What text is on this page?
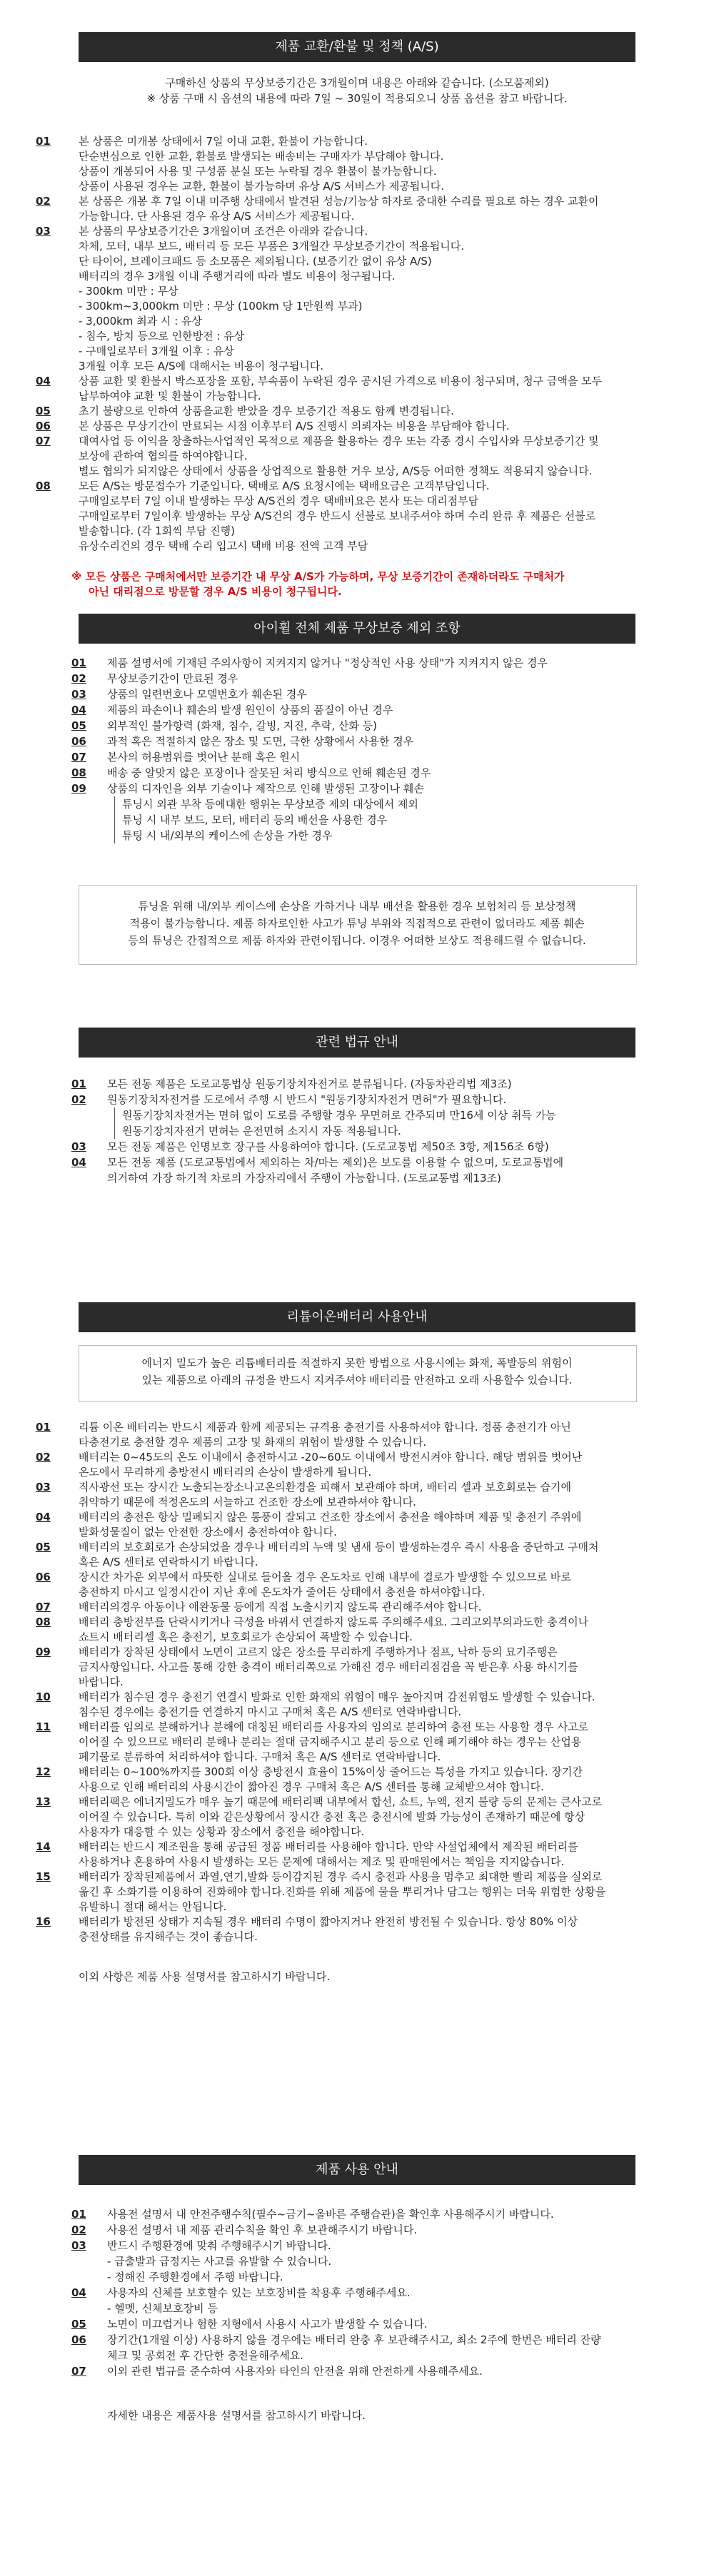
제품 교환/환불 및 정책 (A/S)
구매하신 상품의 무상보증기간은 3개월이며 내용은 아래와 같습니다. (소모품제외)
※ 상품 구매 시 옵션의 내용에 따라 7일 ~ 30일이 적용되오니 상품 옵션을 참고 바랍니다.
01	본 상품은 미개봉 상태에서 7일 이내 교환, 환불이 가능합니다.
단순변심으로 인한 교환, 환불로 발생되는 배송비는 구매자가 부담해야 합니다.
상품이 개봉되어 사용 및 구성품 분실 또는 누락될 경우 환불이 불가능합니다.
상품이 사용된 경우는 교환, 환불이 불가능하며 유상 A/S 서비스가 제공됩니다.
02	본 상품은 개봉 후 7일 이내 미주행 상태에서 발견된 성능/기능상 하자로 중대한 수리를 필요로 하는 경우 교환이
가능합니다. 단 사용된 경우 유상 A/S 서비스가 제공됩니다.
03	본 상품의 무상보증기간은 3개월이며 조건은 아래와 같습니다.
차체, 모터, 내부 보드, 배터리 등 모든 부품은 3개월간 무상보증기간이 적용됩니다.
단 타이어, 브레이크패드 등 소모품은 제외됩니다. (보증기간 없이 유상 A/S)
배터리의 경우 3개월 이내 주행거리에 따라 별도 비용이 청구됩니다.
- 300km 미만 : 무상
- 300km~3,000km 미만 : 무상 (100km 당 1만원씩 부과)
- 3,000km 최과 시 : 유상
- 침수, 방치 등으로 인한방전 : 유상
- 구매일로부터 3개월 이후 : 유상
3개월 이후 모든 A/S에 대해서는 비용이 청구됩니다.
04	상품 교환 및 환불시 박스포장을 포함, 부속품이 누락된 경우 공시된 가격으로 비용이 청구되며, 청구 금액을 모두
납부하여야 교환 및 환불이 가능합니다.
05	초기 불량으로 인하여 상품을교환 받았을 경우 보증기간 적용도 함께 변경됩니다.
06	본 상품은 무상기간이 만료되는 시점 이후부터 A/S 진행시 의뢰자는 비용을 부담해야 합니다.
07	대여사업 등 이익을 창출하는사업적인 목적으로 제품을 활용하는 경우 또는 각종 경시 수입사와 무상보증기간 및
보상에 관하여 협의를 하여야합니다.
별도 협의가 되지않은 상태에서 상품을 상업적으로 활용한 거우 보상, A/S등 어떠한 정책도 적용되지 않습니다.
08	모든 A/S는 방문접수가 기준입니다. 택배로 A/S 요청시에는 택배요금은 고객부담입니다.
구매일로부터 7일 이내 발생하는 무상 A/S건의 경우 택배비요은 본사 또는 대리점부담
구매일로부터 7일이후 발생하는 무상 A/S건의 경우 반드시 선불로 보내주셔야 하며 수리 완류 후 제품은 선불로
발송합니다. (각 1회씩 부담 진행)
유상수리건의 경우 택배 수리 입고시 택배 비용 전액 고객 부담
※ 모든 상품은 구매처에서만 보증기간 내 무상 A/S가 가능하며, 무상 보증기간이 존재하더라도 구매처가
아닌 대리점으로 방문할 경우 A/S 비용이 청구됩니다.
아이휠 전체 제품 무상보증 제외 조항
01	제품 설명서에 기재된 주의사항이 지켜지지 않거나 "정상적인 사용 상태"가 지켜지지 않은 경우
02	무상보증기간이 만료된 경우
03	상품의 일련번호나 모델번호가 훼손된 경우
04	제품의 파손이나 훼손의 발생 원인이 상품의 품질이 아닌 경우
05	외부적인 불가항력 (화재, 침수, 갈빙, 지진, 추락, 산화 등)
06	과적 혹은 적절하지 않은 장소 및 도면, 극한 상황에서 사용한 경우
07	본사의 허용범위를 벗어난 분해 혹은 원시
08	배송 중 알맞지 않은 포장이나 잘못된 처리 방식으로 인해 훼손된 경우
09	상품의 디자인을 외부 기술이나 제작으로 인해 발생된 고장이나 훼손
튜닝시 외관 부착 등에대한 행위는 무상보증 제외 대상에서 제외
튜닝 시 내부 보드, 모터, 배터리 등의 배선을 사용한 경우
튜팅 시 내/외부의 케이스에 손상을 가한 경우
튜닝을 위해 내/외부 케이스에 손상을 가하거나 내부 배선을 활용한 경우 보험처리 등 보상정책
적용이 불가능합니다. 제품 하자로인한 사고가 튜닝 부위와 직접적으로 관련이 없더라도 제품 훼손
등의 튜닝은 간접적으로 제품 하자와 관련이됩니다. 이경우 어떠한 보상도 적용해드릴 수 없습니다.
관련 법규 안내
01	모든 전동 제품은 도로교통법상 원동기장치자전거로 분류됩니다. (자동차관리법 제3조)
02	원동기장치자전거를 도로에서 주행 시 반드시 "원동기장치자전거 면허"가 필요합니다.
원동기장치자전거는 면허 없이 도로를 주행할 경우 무면허로 간주되며 만16세 이상 취득 가능
원동기장치자전거 면허는 운전면허 소지시 자동 적용됩니다.
03	모든 전동 제품은 인명보호 장구를 사용하여야 합니다. (도로교통법 제50조 3항, 제156조 6항)
04	모든 전동 제품 (도로교통법에서 제외하는 차/마는 제외)은 보도를 이용할 수 없으며, 도로교통법에
의거하여 가장 하기적 차로의 가장자리에서 주행이 가능합니다. (도로교통법 제13조)
리튬이온배터리 사용안내
에너지 밀도가 높은 리튬배터리를 적절하지 못한 방법으로 사용시에는 화재, 폭발등의 위험이
있는 제품으로 아래의 규정을 반드시 지켜주셔야 배터리를 안전하고 오래 사용할수 있습니다.
01	리튬 이온 배터리는 반드시 제품과 함께 제공되는 규격용 충전기를 사용하셔야 합니다. 정품 충전기가 아닌
타충전기로 충전할 경우 제품의 고장 및 화재의 위험이 발생할 수 있습니다.
02	배터리는 0~45도의 온도 이내에서 충전하시고 -20~60도 이내에서 방전시켜야 합니다. 해당 범위를 벗어난
온도에서 무리하게 충방전시 배터리의 손상이 발생하게 됩니다.
03	직사광선 또는 장시간 노출되는장소나고온의환경을 피해서 보관해야 하며, 배터리 셀과 보호회로는 습기에
취약하기 때문에 적정온도의 서늘하고 건조한 장소에 보관하셔야 합니다.
04	배터리의 충전은 항상 밀폐되지 않은 통풍이 잘되고 건조한 장소에서 충전을 해야하며 제품 및 충전기 주위에
발화성물질이 없는 안전한 장소에서 충전하여야 합니다.
05	배터리의 보호회로가 손상되었을 경우나 배터리의 누액 및 냄새 등이 발생하는경우 즉시 사용을 중단하고 구매처
혹은 A/S 센터로 연락하시기 바랍니다.
06	장시간 차가운 외부에서 따뜻한 실내로 들어올 경우 온도차로 인해 내부에 결로가 발생할 수 있으므로 바로
충전하지 마시고 일정시간이 지난 후에 온도차가 줄어든 상태에서 충전을 하셔야합니다.
07	배터리의경우 아동이나 애완동물 등에게 직접 노출시키지 않도록 관리해주셔야 합니다.
08	배터리 충방전부를 단락시키거나 극성을 바꿔서 연결하지 않도록 주의해주세요. 그리고외부의과도한 충격이나
쇼트시 배터리셀 혹은 충전기, 보호회로가 손상되어 폭발할 수 있습니다.
09	배터리가 장착된 상태에서 노면이 고르지 않은 장소를 무리하게 주행하거나 점프, 낙하 등의 묘기주행은
금지사항입니다. 사고를 통해 강한 충격이 배터리쪽으로 가해진 경우 배터리점검을 꼭 받은후 사용 하시기를
바랍니다.
10	배터리가 침수된 경우 충전기 연결시 발화로 인한 화재의 위험이 매우 높아지며 감전위험도 발생할 수 있습니다.
침수된 경우에는 충전기를 연결하지 마시고 구매처 혹은 A/S 센터로 연락바랍니다.
11	배터리를 임의로 분해하거나 분해에 대칭된 배터리를 사용자의 임의로 분리하여 충전 또는 사용할 경우 사고로
이어질 수 있으므로 배터리 분해나 분리는 절대 금지해주시고 분리 등으로 인해 폐기해야 하는 경우는 산업용
폐기물로 분류하여 처리하셔야 합니다. 구매처 혹은 A/S 센터로 연락바랍니다.
12	배터리는 0~100%까지를 300회 이상 충방전시 효율이 15%이상 줄어드는 특성을 가지고 있습니다. 장기간
사용으로 인해 배터리의 사용시간이 짧아진 경우 구매처 혹은 A/S 센터를 통해 교체받으셔야 합니다.
13	배터리팩은 에너지밀도가 매우 높기 때문에 배터리팩 내부에서 합선, 쇼트, 누액, 전지 불량 등의 문제는 큰사고로
이어질 수 있습니다. 특히 이와 같은상황에서 장시간 충전 혹은 충전시에 발화 가능성이 존재하기 때문에 항상
사용자가 대응할 수 있는 상황과 장소에서 충전을 해야합니다.
14	배터리는 반드시 제조원을 통해 공급된 정품 배터리를 사용해야 합니다. 만약 사설업체에서 제작된 배터리를
사용하거나 혼용하여 사용시 발생하는 모든 문제에 대해서는 제조 및 판매원에서는 책임을 지지않습니다.
15	배터리가 장착된제품에서 과열,연기,발화 등이감지된 경우 즉시 충전과 사용을 멈추고 최대한 빨리 제품을 실외로
옮긴 후 소화기를 이용하여 진화해야 합니다.진화를 위해 제품에 물을 뿌리거나 담그는 행위는 더욱 위험한 상황을
유발하니 절대 해서는 안됩니다.
16	배터리가 방전된 상태가 지속될 경우 배터리 수명이 짧아지거나 완전히 방전될 수 있습니다. 항상 80% 이상
충전상태를 유지해주는 것이 좋습니다.
이외 사항은 제품 사용 설명서를 참고하시기 바랍니다.
제품 사용 안내
01	사용전 설명서 내 안전주행수칙(필수~금기~올바른 주행습관)을 확인후 사용해주시기 바랍니다.
02	사용전 설명서 내 제품 관리수칙을 확인 후 보관해주시기 바랍니다.
03	반드시 주행환경에 맞춰 주행해주시기 바랍니다.
- 급출발과 급정지는 사고를 유발할 수 있습니다.
- 정해진 주행환경에서 주행 바랍니다.
04	사용자의 신체를 보호할수 있는 보호장비를 착용후 주행해주세요.
- 헬멧, 신체보호장비 등
05	노면이 미끄럽거나 험한 지형에서 사용시 사고가 발생할 수 있습니다.
06	장기간(1개월 이상) 사용하지 않을 경우에는 배터리 완충 후 보관해주시고, 최소 2주에 한번은 배터리 잔량
체크 및 공회전 후 간단한 충전을해주세요.
07	이외 관련 법규를 준수하여 사용자와 타인의 안전을 위해 안전하게 사용해주세요.
자세한 내용은 제품사용 설명서를 참고하시기 바랍니다.
